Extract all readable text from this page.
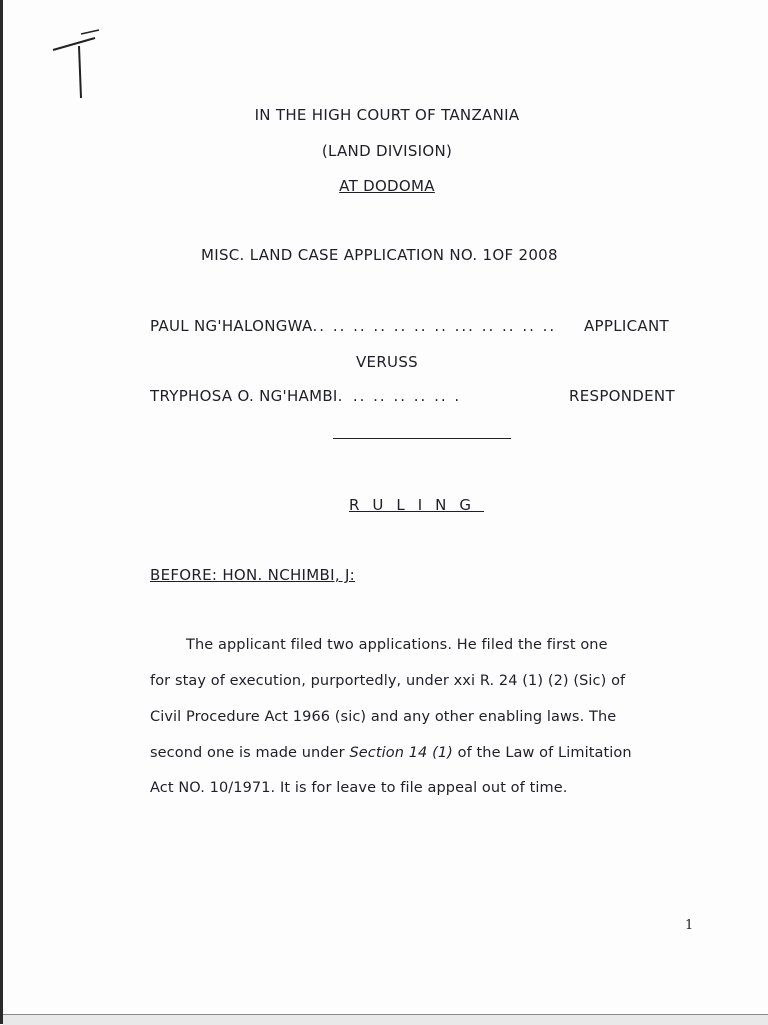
IN THE HIGH COURT OF TANZANIA
(LAND DIVISION)
AT DODOMA
MISC. LAND CASE APPLICATION NO. 1OF 2008
PAUL NG'HALONGWA.. .. .. .. .. .. .. ... .. .. .. .. APPLICANT
VERUSS
TRYPHOSA O. NG'HAMBI. .. .. .. .. .. .	RESPONDENT
RULING
BEFORE: HON. NCHIMBI, J:
The applicant filed two applications. He filed the first one
for stay of execution, purportedly, under xxi R. 24 (1) (2) (Sic) of
Civil Procedure Act 1966 (sic) and any other enabling laws. The
second one is made under Section 14 (1) of the Law of Limitation
Act NO. 10/1971. It is for leave to file appeal out of time.
1
